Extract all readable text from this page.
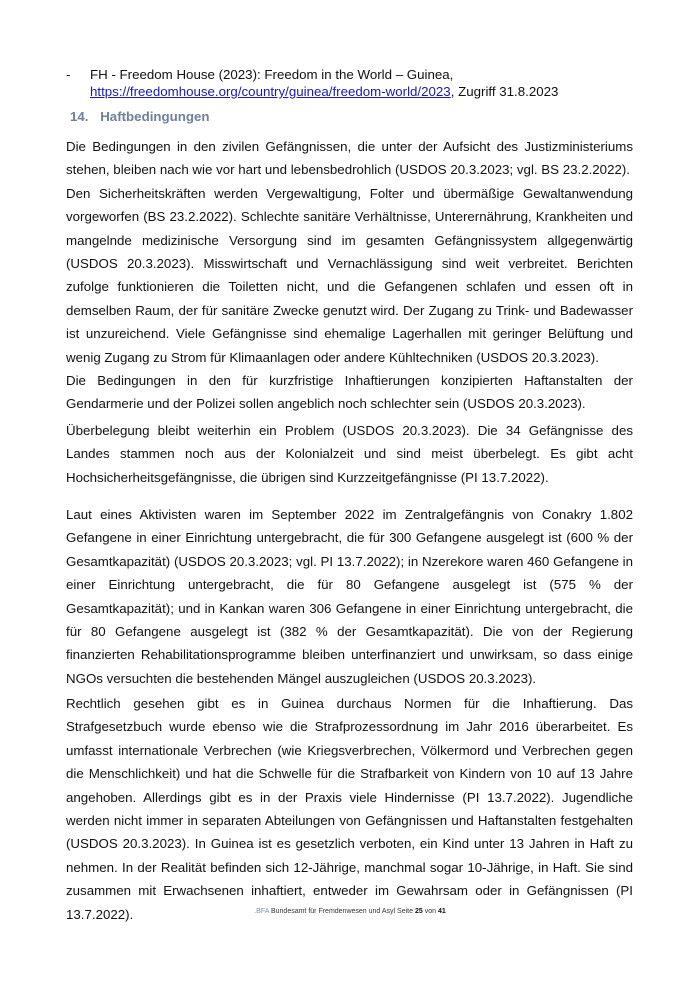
- FH - Freedom House (2023): Freedom in the World – Guinea,
https://freedomhouse.org/country/guinea/freedom-world/2023, Zugriff 31.8.2023
14. Haftbedingungen

Die Bedingungen in den zivilen Gefängnissen, die unter der Aufsicht des Justizministeriums stehen, bleiben nach wie vor hart und lebensbedrohlich (USDOS 20.3.2023; vgl. BS 23.2.2022).

Den Sicherheitskräften werden Vergewaltigung, Folter und übermäßige Gewaltanwendung vorgeworfen (BS 23.2.2022). Schlechte sanitäre Verhältnisse, Unterernährung, Krankheiten und mangelnde medizinische Versorgung sind im gesamten Gefängnissystem allgegenwärtig (USDOS 20.3.2023). Misswirtschaft und Vernachlässigung sind weit verbreitet. Berichten zufolge funktionieren die Toiletten nicht, und die Gefangenen schlafen und essen oft in demselben Raum, der für sanitäre Zwecke genutzt wird. Der Zugang zu Trink- und Badewasser ist unzureichend. Viele Gefängnisse sind ehemalige Lagerhallen mit geringer Belüftung und wenig Zugang zu Strom für Klimaanlagen oder andere Kühltechniken (USDOS 20.3.2023).

Die Bedingungen in den für kurzfristige Inhaftierungen konzipierten Haftanstalten der Gendarmerie und der Polizei sollen angeblich noch schlechter sein (USDOS 20.3.2023).

Überbelegung bleibt weiterhin ein Problem (USDOS 20.3.2023). Die 34 Gefängnisse des Landes stammen noch aus der Kolonialzeit und sind meist überbelegt. Es gibt acht Hochsicherheitsgefängnisse, die übrigen sind Kurzzeitgefängnisse (PI 13.7.2022).

Laut eines Aktivisten waren im September 2022 im Zentralgefängnis von Conakry 1.802 Gefangene in einer Einrichtung untergebracht, die für 300 Gefangene ausgelegt ist (600 % der Gesamtkapazität) (USDOS 20.3.2023; vgl. PI 13.7.2022); in Nzerekore waren 460 Gefangene in einer Einrichtung untergebracht, die für 80 Gefangene ausgelegt ist (575 % der Gesamtkapazität); und in Kankan waren 306 Gefangene in einer Einrichtung untergebracht, die für 80 Gefangene ausgelegt ist (382 % der Gesamtkapazität). Die von der Regierung finanzierten Rehabilitationsprogramme bleiben unterfinanziert und unwirksam, so dass einige NGOs versuchten die bestehenden Mängel auszugleichen (USDOS 20.3.2023).

Rechtlich gesehen gibt es in Guinea durchaus Normen für die Inhaftierung. Das Strafgesetzbuch wurde ebenso wie die Strafprozessordnung im Jahr 2016 überarbeitet. Es umfasst internationale Verbrechen (wie Kriegsverbrechen, Völkermord und Verbrechen gegen die Menschlichkeit) und hat die Schwelle für die Strafbarkeit von Kindern von 10 auf 13 Jahre angehoben. Allerdings gibt es in der Praxis viele Hindernisse (PI 13.7.2022). Jugendliche werden nicht immer in separaten Abteilungen von Gefängnissen und Haftanstalten festgehalten (USDOS 20.3.2023). In Guinea ist es gesetzlich verboten, ein Kind unter 13 Jahren in Haft zu nehmen. In der Realität befinden sich 12-Jährige, manchmal sogar 10-Jährige, in Haft. Sie sind zusammen mit Erwachsenen inhaftiert, entweder im Gewahrsam oder in Gefängnissen (PI 13.7.2022).	.BFA Bundesamt für Fremdenwesen und Asyl Seite 25 von 41
